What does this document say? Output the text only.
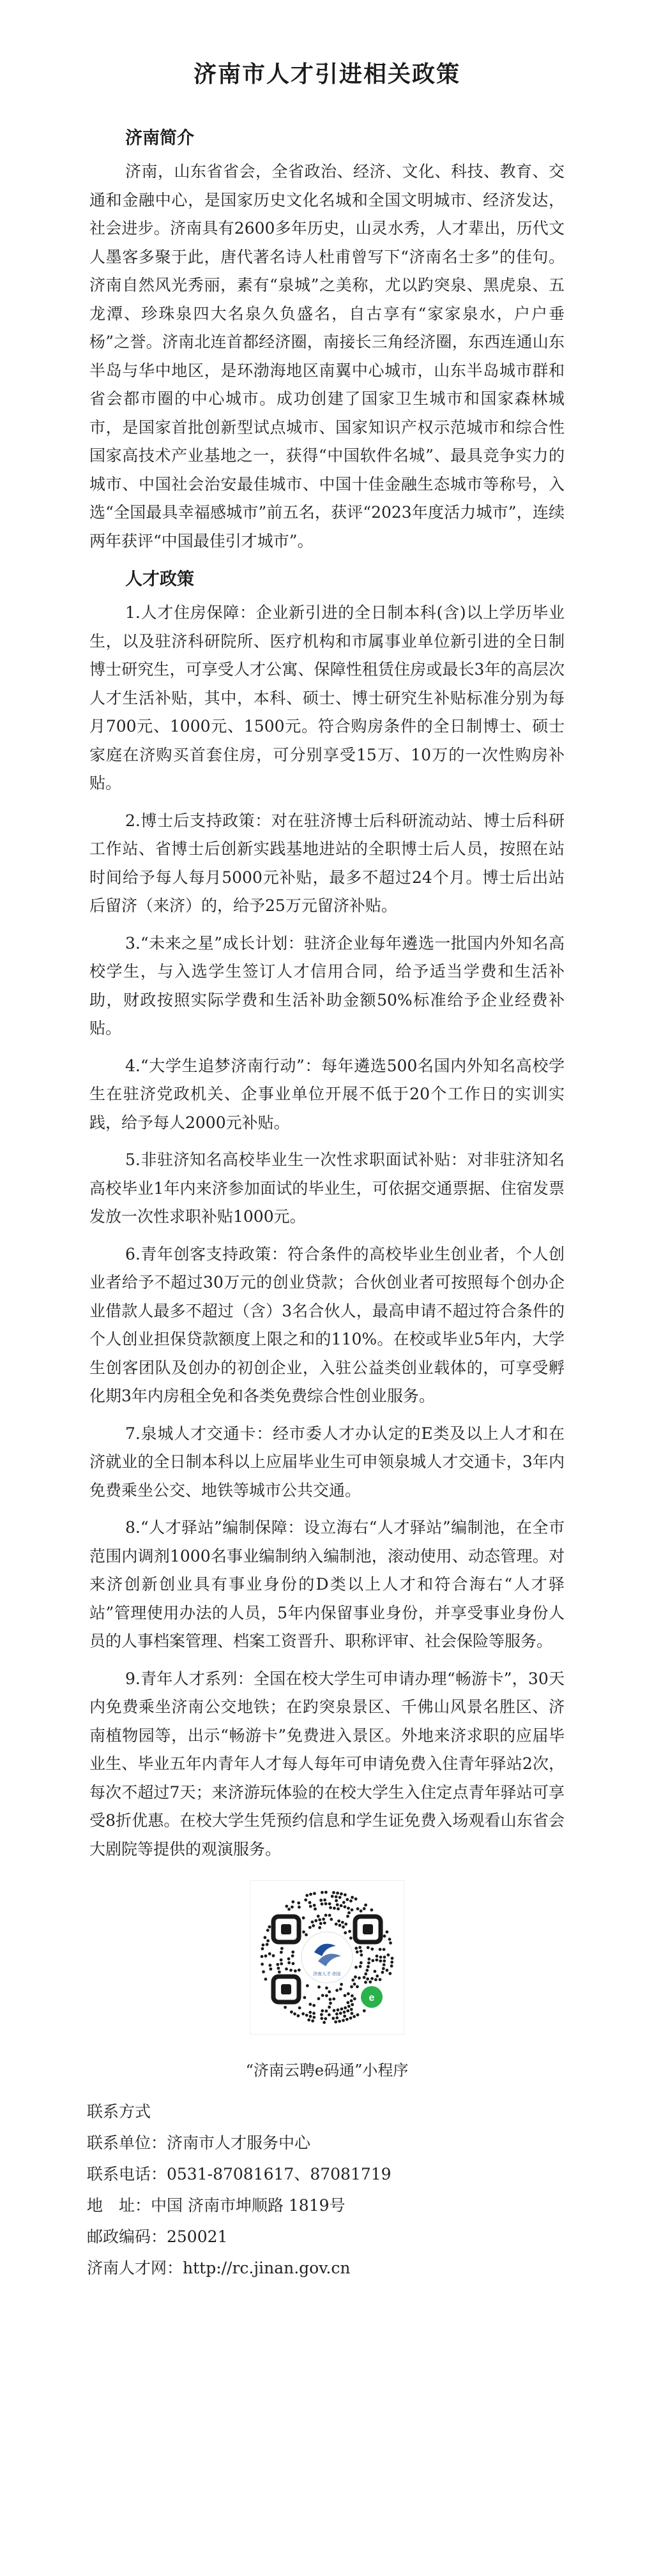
济南市人才引进相关政策
济南简介

济南，山东省省会，全省政治、经济、文化、科技、教育、交通和金融中心，是国家历史文化名城和全国文明城市、经济发达，社会进步。济南具有2600多年历史，山灵水秀，人才辈出，历代文人墨客多聚于此，唐代著名诗人杜甫曾写下“济南名士多”的佳句。济南自然风光秀丽，素有“泉城”之美称，尤以趵突泉、黑虎泉、五龙潭、珍珠泉四大名泉久负盛名，自古享有“家家泉水，户户垂杨”之誉。济南北连首都经济圈，南接长三角经济圈，东西连通山东半岛与华中地区，是环渤海地区南翼中心城市，山东半岛城市群和省会都市圈的中心城市。成功创建了国家卫生城市和国家森林城市，是国家首批创新型试点城市、国家知识产权示范城市和综合性国家高技术产业基地之一，获得“中国软件名城”、最具竞争实力的城市、中国社会治安最佳城市、中国十佳金融生态城市等称号，入选“全国最具幸福感城市”前五名，获评“2023年度活力城市”，连续两年获评“中国最佳引才城市”。

人才政策

1.人才住房保障：企业新引进的全日制本科(含)以上学历毕业生，以及驻济科研院所、医疗机构和市属事业单位新引进的全日制博士研究生，可享受人才公寓、保障性租赁住房或最长3年的高层次人才生活补贴，其中，本科、硕士、博士研究生补贴标准分别为每月700元、1000元、1500元。符合购房条件的全日制博士、硕士家庭在济购买首套住房，可分别享受15万、10万的一次性购房补贴。

2.博士后支持政策：对在驻济博士后科研流动站、博士后科研工作站、省博士后创新实践基地进站的全职博士后人员，按照在站时间给予每人每月5000元补贴，最多不超过24个月。博士后出站后留济（来济）的，给予25万元留济补贴。

3.“未来之星”成长计划：驻济企业每年遴选一批国内外知名高校学生，与入选学生签订人才信用合同，给予适当学费和生活补助，财政按照实际学费和生活补助金额50%标准给予企业经费补贴。

4.“大学生追梦济南行动”：每年遴选500名国内外知名高校学生在驻济党政机关、企事业单位开展不低于20个工作日的实训实践，给予每人2000元补贴。

5.非驻济知名高校毕业生一次性求职面试补贴：对非驻济知名高校毕业1年内来济参加面试的毕业生，可依据交通票据、住宿发票发放一次性求职补贴1000元。

6.青年创客支持政策：符合条件的高校毕业生创业者，个人创业者给予不超过30万元的创业贷款；合伙创业者可按照每个创办企业借款人最多不超过（含）3名合伙人，最高申请不超过符合条件的个人创业担保贷款额度上限之和的110%。在校或毕业5年内，大学生创客团队及创办的初创企业，入驻公益类创业载体的，可享受孵化期3年内房租全免和各类免费综合性创业服务。

7.泉城人才交通卡：经市委人才办认定的E类及以上人才和在济就业的全日制本科以上应届毕业生可申领泉城人才交通卡，3年内免费乘坐公交、地铁等城市公共交通。

8.“人才驿站”编制保障：设立海右“人才驿站”编制池，在全市范围内调剂1000名事业编制纳入编制池，滚动使用、动态管理。对来济创新创业具有事业身份的D类以上人才和符合海右“人才驿站”管理使用办法的人员，5年内保留事业身份，并享受事业身份人员的人事档案管理、档案工资晋升、职称评审、社会保险等服务。

9.青年人才系列：全国在校大学生可申请办理“畅游卡”，30天内免费乘坐济南公交地铁；在趵突泉景区、千佛山风景名胜区、济南植物园等，出示“畅游卡”免费进入景区。外地来济求职的应届毕业生、毕业五年内青年人才每人每年可申请免费入住青年驿站2次，每次不超过7天；来济游玩体验的在校大学生入住定点青年驿站可享受8折优惠。在校大学生凭预约信息和学生证免费入场观看山东省会大剧院等提供的观演服务。

济南人才·创业
e
“济南云聘e码通”小程序
联系方式
联系单位：济南市人才服务中心
联系电话：0531-87081617、87081719
地　址：中国 济南市坤顺路 1819号
邮政编码：250021
济南人才网：http://rc.jinan.gov.cn
